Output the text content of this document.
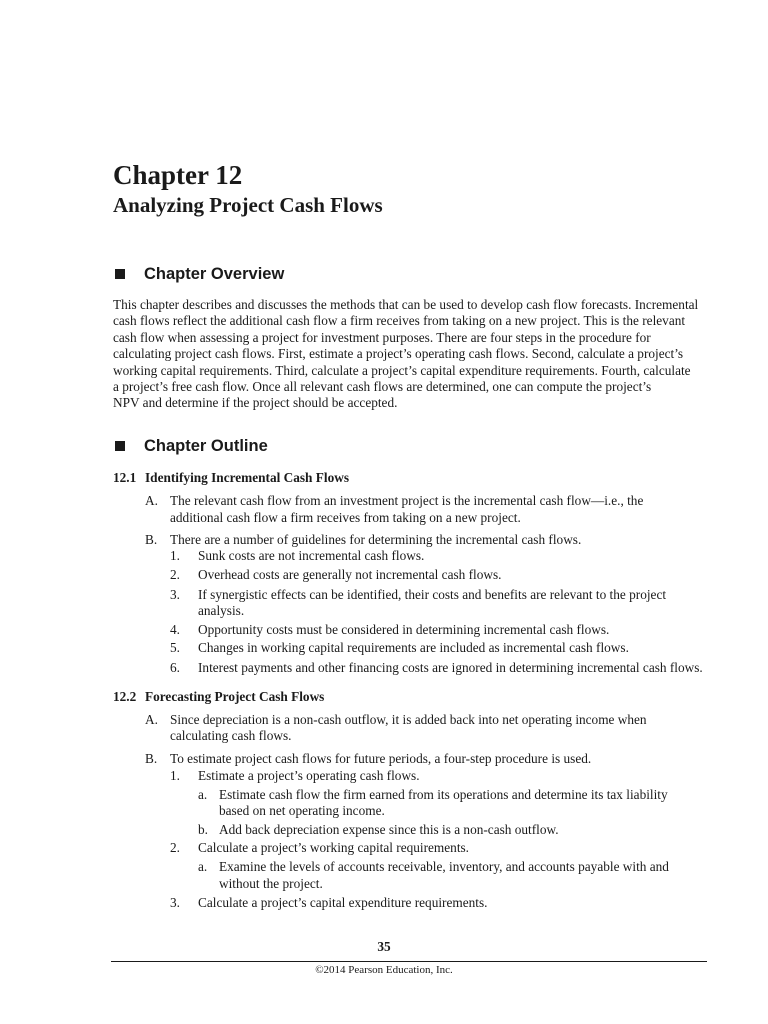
Chapter 12
Analyzing Project Cash Flows
Chapter Overview
This chapter describes and discusses the methods that can be used to develop cash flow forecasts. Incremental
cash flows reflect the additional cash flow a firm receives from taking on a new project. This is the relevant
cash flow when assessing a project for investment purposes. There are four steps in the procedure for
calculating project cash flows. First, estimate a project’s operating cash flows. Second, calculate a project’s
working capital requirements. Third, calculate a project’s capital expenditure requirements. Fourth, calculate
a project’s free cash flow. Once all relevant cash flows are determined, one can compute the project’s
NPV and determine if the project should be accepted.
Chapter Outline
12.1 Identifying Incremental Cash Flows
A. The relevant cash flow from an investment project is the incremental cash flow—i.e., the
additional cash flow a firm receives from taking on a new project.
B. There are a number of guidelines for determining the incremental cash flows.
1. Sunk costs are not incremental cash flows.
2. Overhead costs are generally not incremental cash flows.
3. If synergistic effects can be identified, their costs and benefits are relevant to the project
analysis.
4. Opportunity costs must be considered in determining incremental cash flows.
5. Changes in working capital requirements are included as incremental cash flows.
6. Interest payments and other financing costs are ignored in determining incremental cash flows.
12.2 Forecasting Project Cash Flows
A. Since depreciation is a non-cash outflow, it is added back into net operating income when
calculating cash flows.
B. To estimate project cash flows for future periods, a four-step procedure is used.
1. Estimate a project’s operating cash flows.
a. Estimate cash flow the firm earned from its operations and determine its tax liability
based on net operating income.
b. Add back depreciation expense since this is a non-cash outflow.
2. Calculate a project’s working capital requirements.
a. Examine the levels of accounts receivable, inventory, and accounts payable with and
without the project.
3. Calculate a project’s capital expenditure requirements.
35
©2014 Pearson Education, Inc.
